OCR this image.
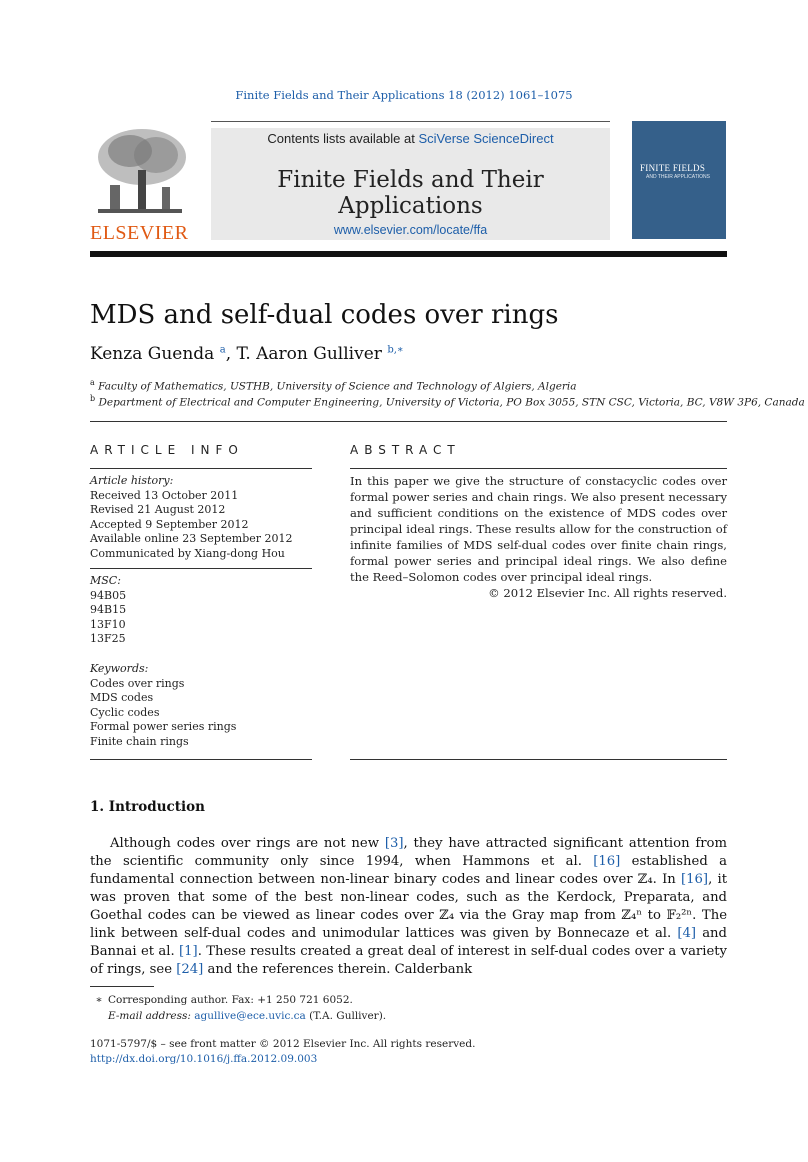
Finite Fields and Their Applications 18 (2012) 1061–1075
ELSEVIER
Contents lists available at SciVerse ScienceDirect
Finite Fields and Their Applications
www.elsevier.com/locate/ffa
FINITE FIELDS
AND THEIR APPLICATIONS
MDS and self-dual codes over rings
Kenza Guenda $^a$, T. Aaron Gulliver $^{b,∗}$
$^a$ Faculty of Mathematics, USTHB, University of Science and Technology of Algiers, Algeria
$^b$ Department of Electrical and Computer Engineering, University of Victoria, PO Box 3055, STN CSC, Victoria, BC, V8W 3P6, Canada
ARTICLE INFO
Article history:
Received 13 October 2011
Revised 21 August 2012
Accepted 9 September 2012
Available online 23 September 2012
Communicated by Xiang-dong Hou
MSC:
94B05
94B15
13F10
13F25
Keywords:
Codes over rings
MDS codes
Cyclic codes
Formal power series rings
Finite chain rings
ABSTRACT
In this paper we give the structure of constacyclic codes over formal power series and chain rings. We also present necessary and sufficient conditions on the existence of MDS codes over principal ideal rings. These results allow for the construction of infinite families of MDS self-dual codes over finite chain rings, formal power series and principal ideal rings. We also define the Reed–Solomon codes over principal ideal rings.
© 2012 Elsevier Inc. All rights reserved.
1. Introduction
Although codes over rings are not new [3], they have attracted significant attention from the scientific community only since 1994, when Hammons et al. [16] established a fundamental connection between non-linear binary codes and linear codes over ℤ₄. In [16], it was proven that some of the best non-linear codes, such as the Kerdock, Preparata, and Goethal codes can be viewed as linear codes over ℤ₄ via the Gray map from ℤ₄ⁿ to 𝔽₂²ⁿ. The link between self-dual codes and unimodular lattices was given by Bonnecaze et al. [4] and Bannai et al. [1]. These results created a great deal of interest in self-dual codes over a variety of rings, see [24] and the references therein. Calderbank
∗ Corresponding author. Fax: +1 250 721 6052.
E-mail address: agullive@ece.uvic.ca (T.A. Gulliver).
1071-5797/$ – see front matter © 2012 Elsevier Inc. All rights reserved.
http://dx.doi.org/10.1016/j.ffa.2012.09.003
